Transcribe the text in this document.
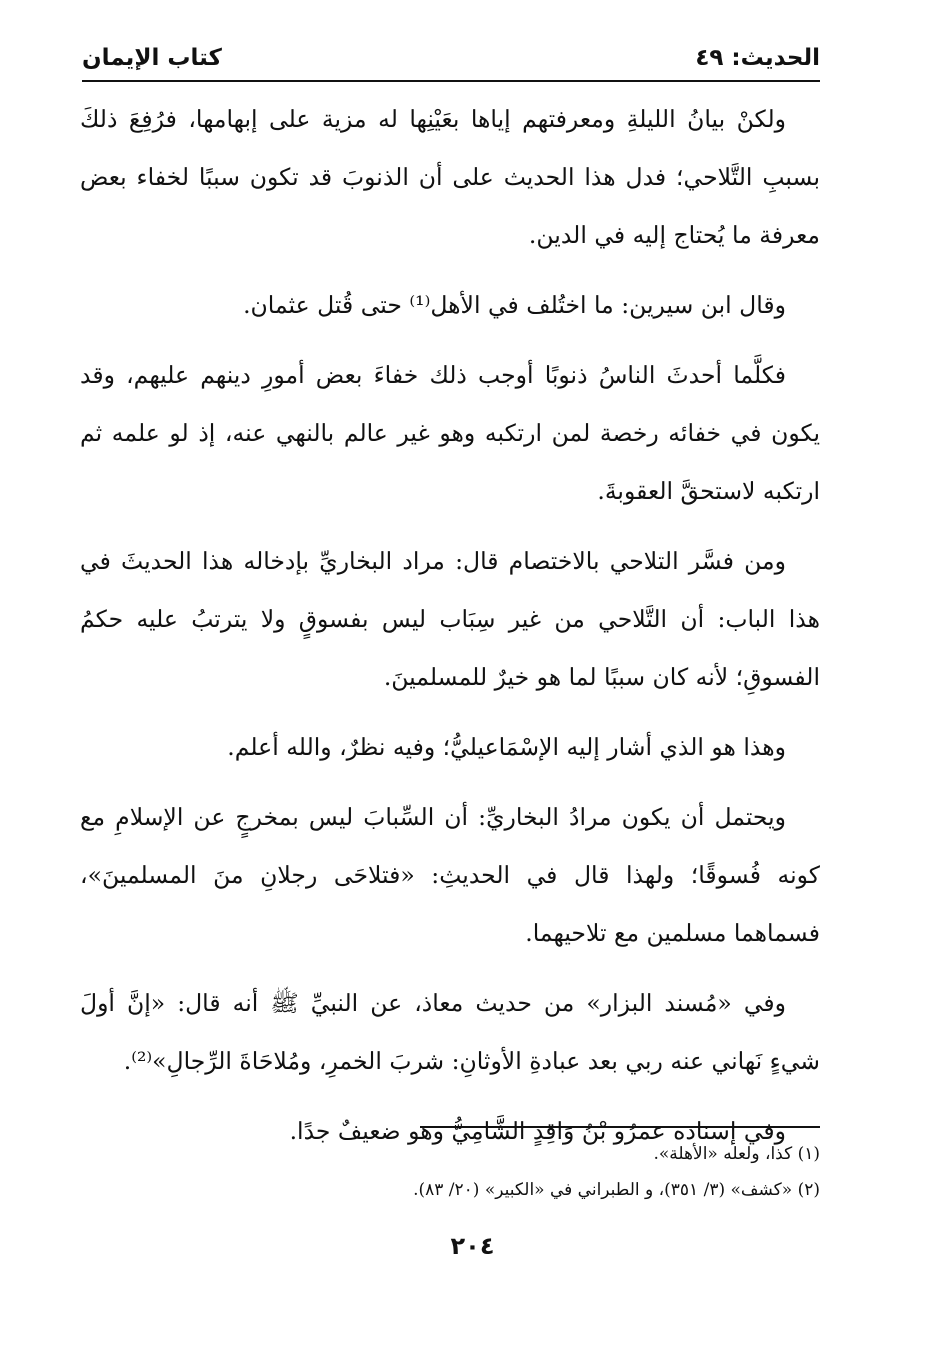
الحديث: ٤٩
كتاب الإيمان

ولكنْ بيانُ الليلةِ ومعرفتهم إياها بعَيْنِها له مزية على إبهامها، فرُفِعَ ذلكَ بسببِ التَّلاحي؛ فدل هذا الحديث على أن الذنوبَ قد تكون سببًا لخفاء بعض معرفة ما يُحتاج إليه في الدين.

وقال ابن سيرين: ما اختُلف في الأهل⁽¹⁾ حتى قُتل عثمان.

فكلَّما أحدثَ الناسُ ذنوبًا أوجب ذلك خفاءَ بعض أمورِ دينهم عليهم، وقد يكون في خفائه رخصة لمن ارتكبه وهو غير عالم بالنهي عنه، إذ لو علمه ثم ارتكبه لاستحقَّ العقوبةَ.

ومن فسَّر التلاحي بالاختصام قال: مراد البخاريِّ بإدخاله هذا الحديثَ في هذا الباب: أن التَّلاحي من غير سِبَاب ليس بفسوقٍ ولا يترتبُ عليه حكمُ الفسوقِ؛ لأنه كان سببًا لما هو خيرٌ للمسلمينَ.

وهذا هو الذي أشار إليه الإسْمَاعيليُّ؛ وفيه نظرٌ، والله أعلم.

ويحتمل أن يكون مرادُ البخاريِّ: أن السِّبابَ ليس بمخرجٍ عن الإسلامِ مع كونه فُسوقًا؛ ولهذا قال في الحديثِ: «فتلاحَى رجلانِ منَ المسلمينَ»، فسماهما مسلمين مع تلاحيهما.

وفي «مُسند البزار» من حديث معاذ، عن النبيِّ ﷺ أنه قال: «إنَّ أولَ شيءٍ نَهاني عنه ربي بعد عبادةِ الأوثانِ: شربَ الخمرِ، ومُلاحَاةَ الرِّجالِ»⁽²⁾.

وفي إسناده عمرُو بْنُ وَاقِدٍ الشَّامِيُّ وهو ضعيفٌ جدًا.

(١) كذا، ولعله «الأهلة».

(٢) «كشف» (٣/ ٣٥١)، و الطبراني في «الكبير» (٢٠/ ٨٣).

٢٠٤
